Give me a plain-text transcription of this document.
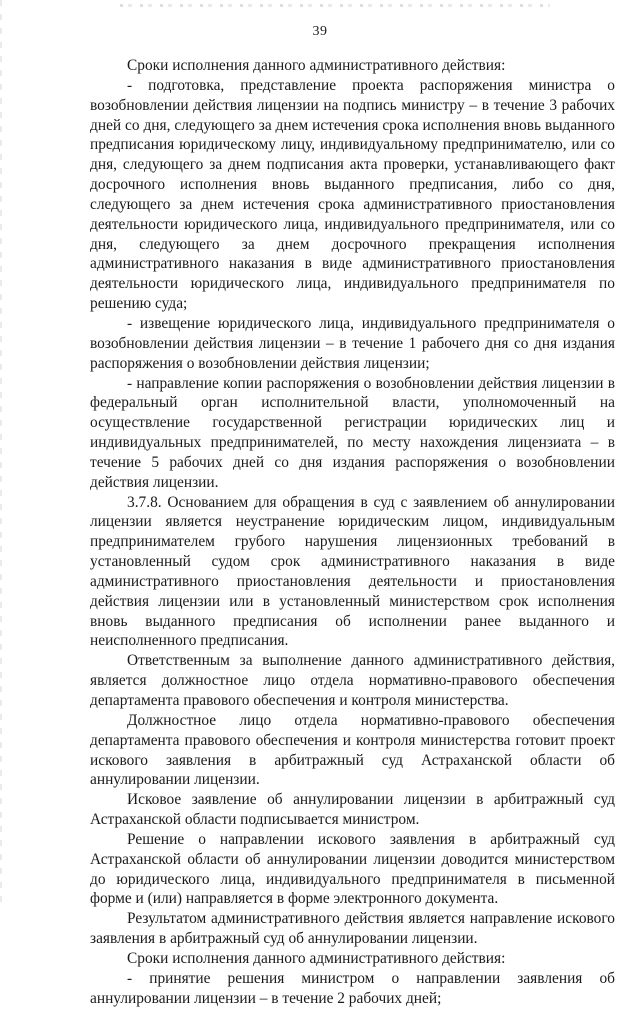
39

Сроки исполнения данного административного действия:

- подготовка, представление проекта распоряжения министра о возобновлении действия лицензии на подпись министру – в течение 3 рабочих дней со дня, следующего за днем истечения срока исполнения вновь выданного предписания юридическому лицу, индивидуальному предпринимателю, или со дня, следующего за днем подписания акта проверки, устанавливающего факт досрочного исполнения вновь выданного предписания, либо со дня, следующего за днем истечения срока административного приостановления деятельности юридического лица, индивидуального предпринимателя, или со дня, следующего за днем досрочного прекращения исполнения административного наказания в виде административного приостановления деятельности юридического лица, индивидуального предпринимателя по решению суда;

- извещение юридического лица, индивидуального предпринимателя о возобновлении действия лицензии – в течение 1 рабочего дня со дня издания распоряжения о возобновлении действия лицензии;

- направление копии распоряжения о возобновлении действия лицензии в федеральный орган исполнительной власти, уполномоченный на осуществление государственной регистрации юридических лиц и индивидуальных предпринимателей, по месту нахождения лицензиата – в течение 5 рабочих дней со дня издания распоряжения о возобновлении действия лицензии.

3.7.8. Основанием для обращения в суд с заявлением об аннулировании лицензии является неустранение юридическим лицом, индивидуальным предпринимателем грубого нарушения лицензионных требований в установленный судом срок административного наказания в виде административного приостановления деятельности и приостановления действия лицензии или в установленный министерством срок исполнения вновь выданного предписания об исполнении ранее выданного и неисполненного предписания.

Ответственным за выполнение данного административного действия, является должностное лицо отдела нормативно-правового обеспечения департамента правового обеспечения и контроля министерства.

Должностное лицо отдела нормативно-правового обеспечения департамента правового обеспечения и контроля министерства готовит проект искового заявления в арбитражный суд Астраханской области об аннулировании лицензии.

Исковое заявление об аннулировании лицензии в арбитражный суд Астраханской области подписывается министром.

Решение о направлении искового заявления в арбитражный суд Астраханской области об аннулировании лицензии доводится министерством до юридического лица, индивидуального предпринимателя в письменной форме и (или) направляется в форме электронного документа.

Результатом административного действия является направление искового заявления в арбитражный суд об аннулировании лицензии.

Сроки исполнения данного административного действия:

- принятие решения министром о направлении заявления об аннулировании лицензии – в течение 2 рабочих дней;
